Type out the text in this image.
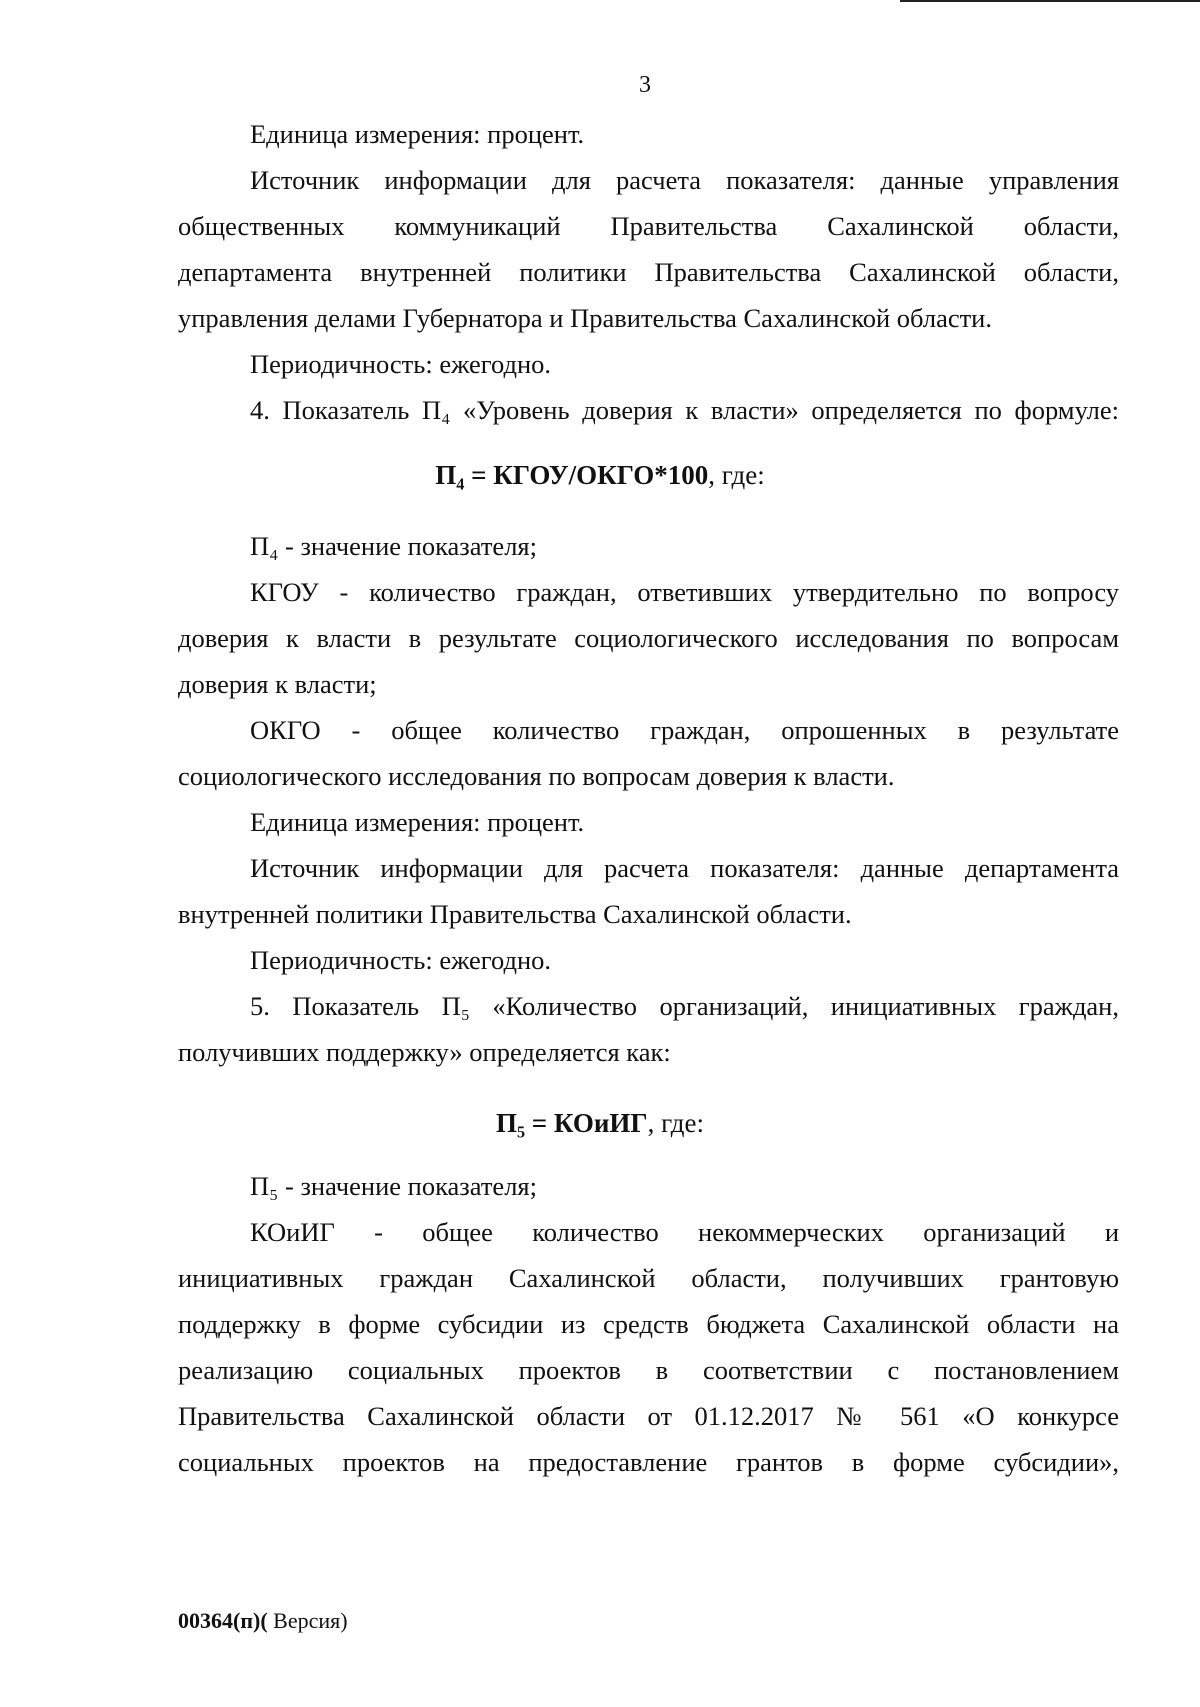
3
Единица измерения: процент.
Источник информации для расчета показателя: данные управления
общественных коммуникаций Правительства Сахалинской области,
департамента внутренней политики Правительства Сахалинской области,
управления делами Губернатора и Правительства Сахалинской области.
Периодичность: ежегодно.
4. Показатель П₄ «Уровень доверия к власти» определяется по формуле:
П₄ = КГОУ/ОКГО*100, где:
П₄ - значение показателя;
КГОУ - количество граждан, ответивших утвердительно по вопросу
доверия к власти в результате социологического исследования по вопросам
доверия к власти;
ОКГО - общее количество граждан, опрошенных в результате
социологического исследования по вопросам доверия к власти.
Единица измерения: процент.
Источник информации для расчета показателя: данные департамента
внутренней политики Правительства Сахалинской области.
Периодичность: ежегодно.
5. Показатель П₅ «Количество организаций, инициативных граждан,
получивших поддержку» определяется как:
П₅ = КОиИГ, где:
П₅ - значение показателя;
КОиИГ - общее количество некоммерческих организаций и
инициативных граждан Сахалинской области, получивших грантовую
поддержку в форме субсидии из средств бюджета Сахалинской области на
реализацию социальных проектов в соответствии с постановлением
Правительства Сахалинской области от 01.12.2017 № 561 «О конкурсе
социальных проектов на предоставление грантов в форме субсидии»,
00364(п)( Версия)
